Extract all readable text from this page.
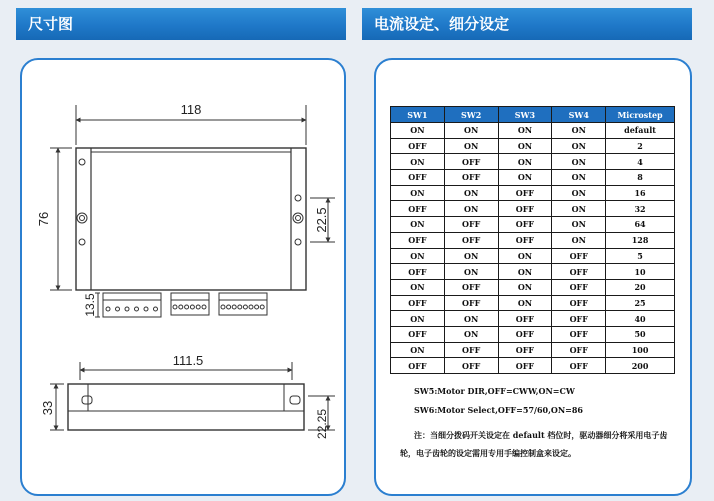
尺寸图	电流设定、细分设定
118
76	22.5
13.5
111.5
33
22.25
SW1	SW2	SW3	SW4	Microstep
ON	ON	ON	ON	default
OFF	ON	ON	ON	2
ON	OFF	ON	ON	4
OFF	OFF	ON	ON	8
ON	ON	OFF	ON	16
OFF	ON	OFF	ON	32
ON	OFF	OFF	ON	64
OFF	OFF	OFF	ON	128
ON	ON	ON	OFF	5
OFF	ON	ON	OFF	10
ON	OFF	ON	OFF	20
OFF	OFF	ON	OFF	25
ON	ON	OFF	OFF	40
OFF	ON	OFF	OFF	50
ON	OFF	OFF	OFF	100
OFF	OFF	OFF	OFF	200
SW5:Motor DIR,OFF=CWW,ON=CW
SW6:Motor Select,OFF=57/60,ON=86
注：当细分拨码开关设定在 default 档位时，驱动器细分将采用电子齿轮，电子齿轮的设定需用专用手编控制盒来设定。
